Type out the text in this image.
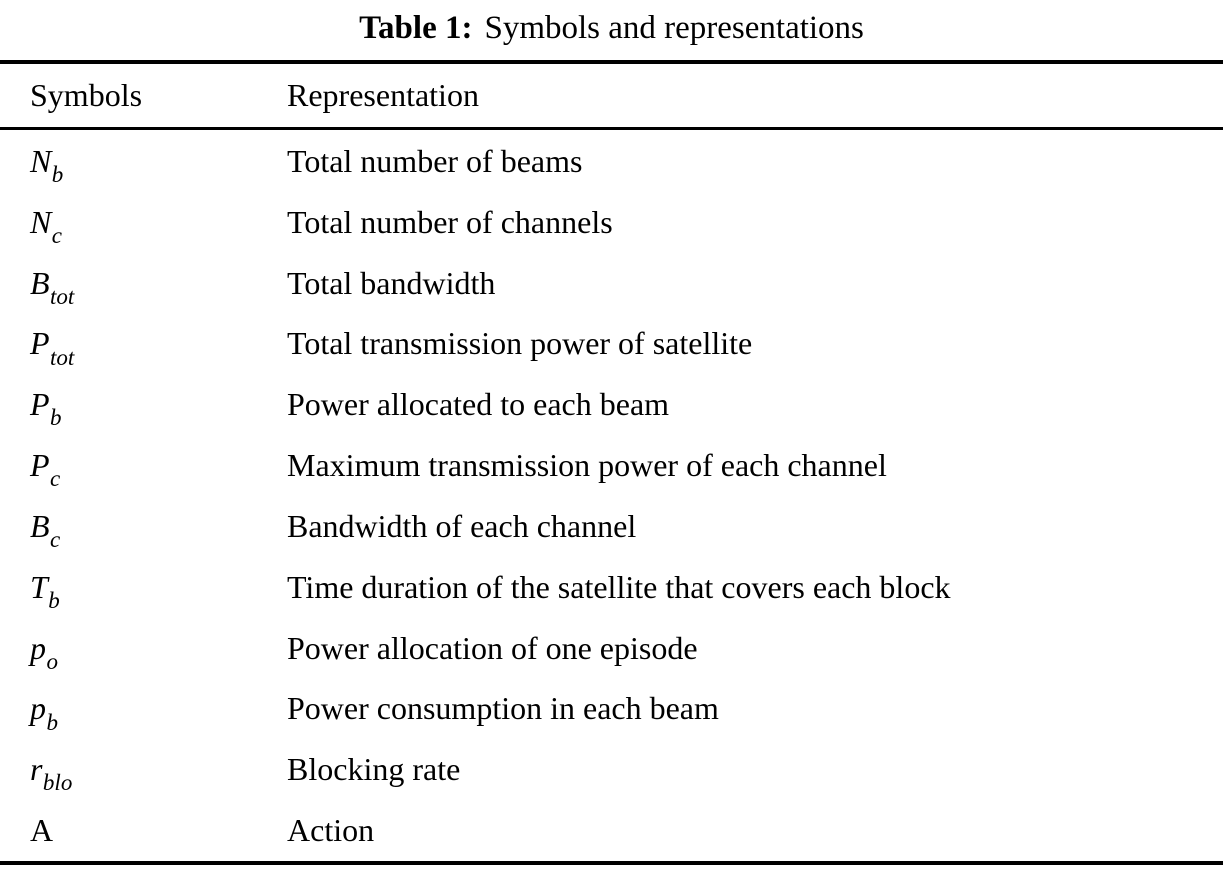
Table 1: Symbols and representations
Symbols	Representation
$N_b$	Total number of beams
$N_c$	Total number of channels
$B_{tot}$	Total bandwidth
$P_{tot}$	Total transmission power of satellite
$P_b$	Power allocated to each beam
$P_c$	Maximum transmission power of each channel
$B_c$	Bandwidth of each channel
$T_b$	Time duration of the satellite that covers each block
$p_o$	Power allocation of one episode
$p_b$	Power consumption in each beam
$r_{blo}$	Blocking rate
A	Action
